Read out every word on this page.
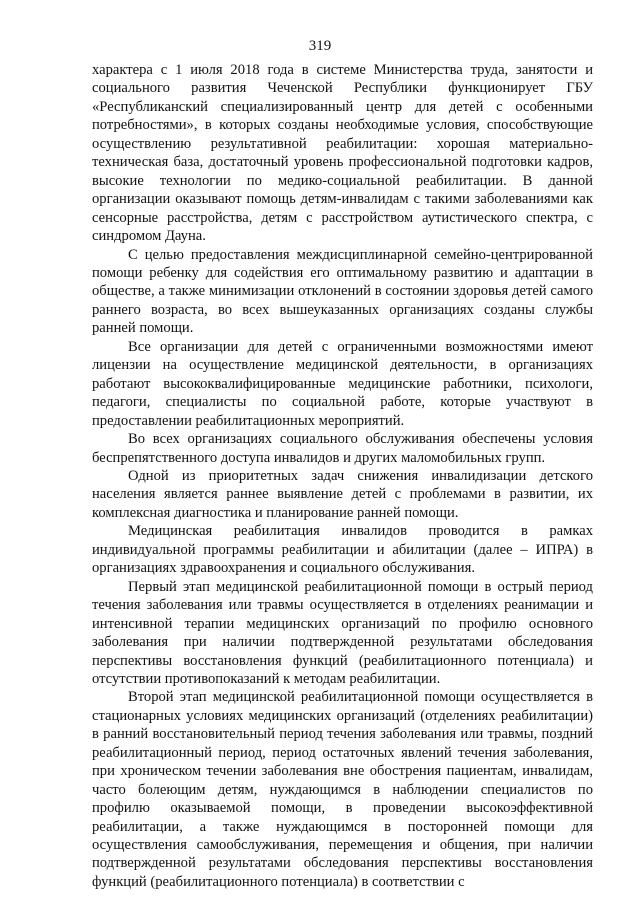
319

характера с 1 июля 2018 года в системе Министерства труда, занятости и социального развития Чеченской Республики функционирует ГБУ «Республиканский специализированный центр для детей с особенными потребностями», в которых созданы необходимые условия, способствующие осуществлению результативной реабилитации: хорошая материально-техническая база, достаточный уровень профессиональной подготовки кадров, высокие технологии по медико-социальной реабилитации. В данной организации оказывают помощь детям-инвалидам с такими заболеваниями как сенсорные расстройства, детям с расстройством аутистического спектра, с синдромом Дауна.

С целью предоставления междисциплинарной семейно-центрированной помощи ребенку для содействия его оптимальному развитию и адаптации в обществе, а также минимизации отклонений в состоянии здоровья детей самого раннего возраста, во всех вышеуказанных организациях созданы службы ранней помощи.

Все организации для детей с ограниченными возможностями имеют лицензии на осуществление медицинской деятельности, в организациях работают высококвалифицированные медицинские работники, психологи, педагоги, специалисты по социальной работе, которые участвуют в предоставлении реабилитационных мероприятий.

Во всех организациях социального обслуживания обеспечены условия беспрепятственного доступа инвалидов и других маломобильных групп.

Одной из приоритетных задач снижения инвалидизации детского населения является раннее выявление детей с проблемами в развитии, их комплексная диагностика и планирование ранней помощи.

Медицинская реабилитация инвалидов проводится в рамках индивидуальной программы реабилитации и абилитации (далее – ИПРА) в организациях здравоохранения и социального обслуживания.

Первый этап медицинской реабилитационной помощи в острый период течения заболевания или травмы осуществляется в отделениях реанимации и интенсивной терапии медицинских организаций по профилю основного заболевания при наличии подтвержденной результатами обследования перспективы восстановления функций (реабилитационного потенциала) и отсутствии противопоказаний к методам реабилитации.

Второй этап медицинской реабилитационной помощи осуществляется в стационарных условиях медицинских организаций (отделениях реабилитации) в ранний восстановительный период течения заболевания или травмы, поздний реабилитационный период, период остаточных явлений течения заболевания, при хроническом течении заболевания вне обострения пациентам, инвалидам, часто болеющим детям, нуждающимся в наблюдении специалистов по профилю оказываемой помощи, в проведении высокоэффективной реабилитации, а также нуждающимся в посторонней помощи для осуществления самообслуживания, перемещения и общения, при наличии подтвержденной результатами обследования перспективы восстановления функций (реабилитационного потенциала) в соответствии с
